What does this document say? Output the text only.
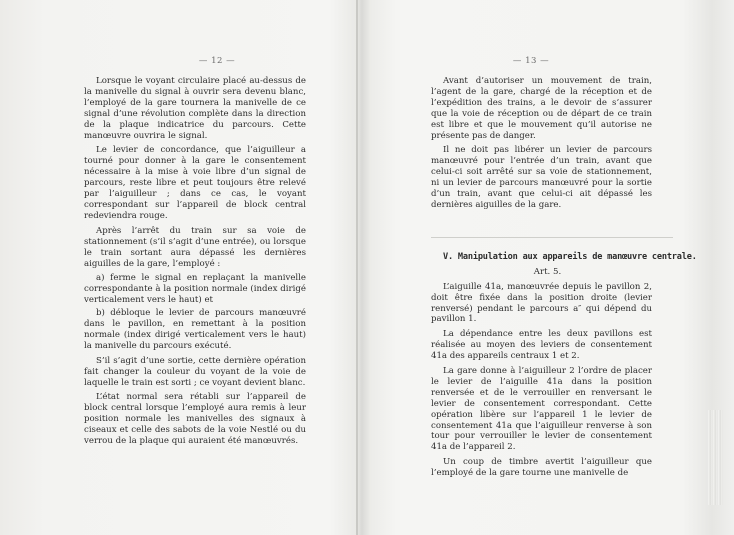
— 12 —

Lorsque le voyant circulaire placé au-dessus de la manivelle du signal à ouvrir sera devenu blanc, l’employé de la gare tournera la manivelle de ce signal d’une révolution complète dans la direction de la plaque indicatrice du parcours. Cette manœuvre ouvrira le signal.

Le levier de concordance, que l’aiguilleur a tourné pour donner à la gare le consentement nécessaire à la mise à voie libre d’un signal de parcours, reste libre et peut toujours être relevé par l’aiguilleur ; dans ce cas, le voyant correspondant sur l’appareil de block central redeviendra rouge.

Après l’arrêt du train sur sa voie de stationnement (s’il s’agit d’une entrée), ou lorsque le train sortant aura dépassé les dernières aiguilles de la gare, l’employé :

a) ferme le signal en replaçant la manivelle correspondante à la position normale (index dirigé verticalement vers le haut) et

b) débloque le levier de parcours manœuvré dans le pavillon, en remettant à la position normale (index dirigé verticalement vers le haut) la manivelle du parcours exécuté.

S’il s’agit d’une sortie, cette dernière opération fait changer la couleur du voyant de la voie de laquelle le train est sorti ; ce voyant devient blanc.

L’état normal sera rétabli sur l’appareil de block central lorsque l’employé aura remis à leur position normale les manivelles des signaux à ciseaux et celle des sabots de la voie Nestlé ou du verrou de la plaque qui auraient été manœuvrés.

— 13 —

Avant d’autoriser un mouvement de train, l’agent de la gare, chargé de la réception et de l’expédition des trains, a le devoir de s’assurer que la voie de réception ou de départ de ce train est libre et que le mouvement qu’il autorise ne présente pas de danger.

Il ne doit pas libérer un levier de parcours manœuvré pour l’entrée d’un train, avant que celui-ci soit arrêté sur sa voie de stationnement, ni un levier de parcours manœuvré pour la sortie d’un train, avant que celui-ci ait dépassé les dernières aiguilles de la gare.

V. Manipulation aux appareils de manœuvre centrale.

Art. 5.

L’aiguille 41a, manœuvrée depuis le pavillon 2, doit être fixée dans la position droite (levier renversé) pendant le parcours a″ qui dépend du pavillon 1.

La dépendance entre les deux pavillons est réalisée au moyen des leviers de consentement 41a des appareils centraux 1 et 2.

La gare donne à l’aiguilleur 2 l’ordre de placer le levier de l’aiguille 41a dans la position renversée et de le verrouiller en renversant le levier de consentement correspondant. Cette opération libère sur l’appareil 1 le levier de consentement 41a que l’aiguilleur renverse à son tour pour verrouiller le levier de consentement 41a de l’appareil 2.

Un coup de timbre avertit l’aiguilleur que l’employé de la gare tourne une manivelle de
